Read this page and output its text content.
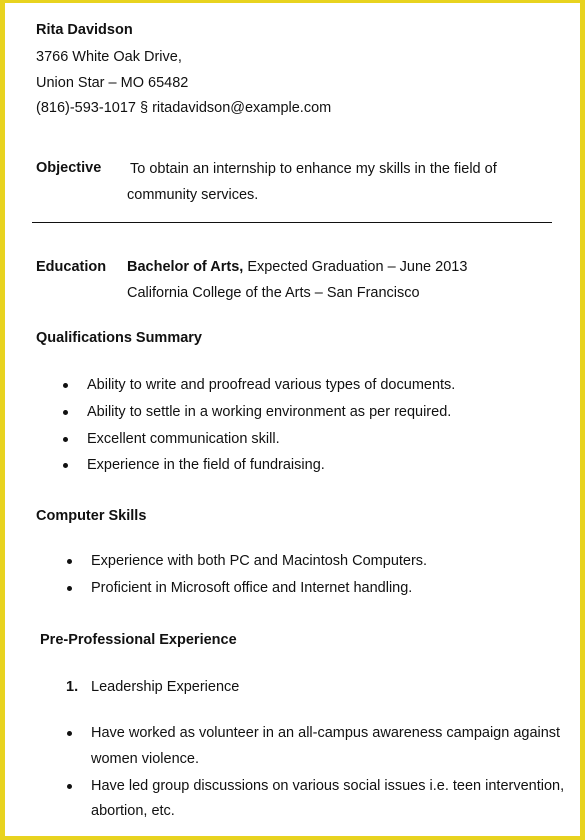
Rita Davidson
3766 White Oak Drive,
Union Star – MO 65482
(816)-593-1017 § ritadavidson@example.com
Objective To obtain an internship to enhance my skills in the field of
community services.
Education Bachelor of Arts, Expected Graduation – June 2013
California College of the Arts – San Francisco
Qualifications Summary
Ability to write and proofread various types of documents.
Ability to settle in a working environment as per required.
Excellent communication skill.
Experience in the field of fundraising.
Computer Skills
Experience with both PC and Macintosh Computers.
Proficient in Microsoft office and Internet handling.
Pre-Professional Experience
1. Leadership Experience
Have worked as volunteer in an all-campus awareness campaign against
women violence.
Have led group discussions on various social issues i.e. teen intervention,
abortion, etc.
